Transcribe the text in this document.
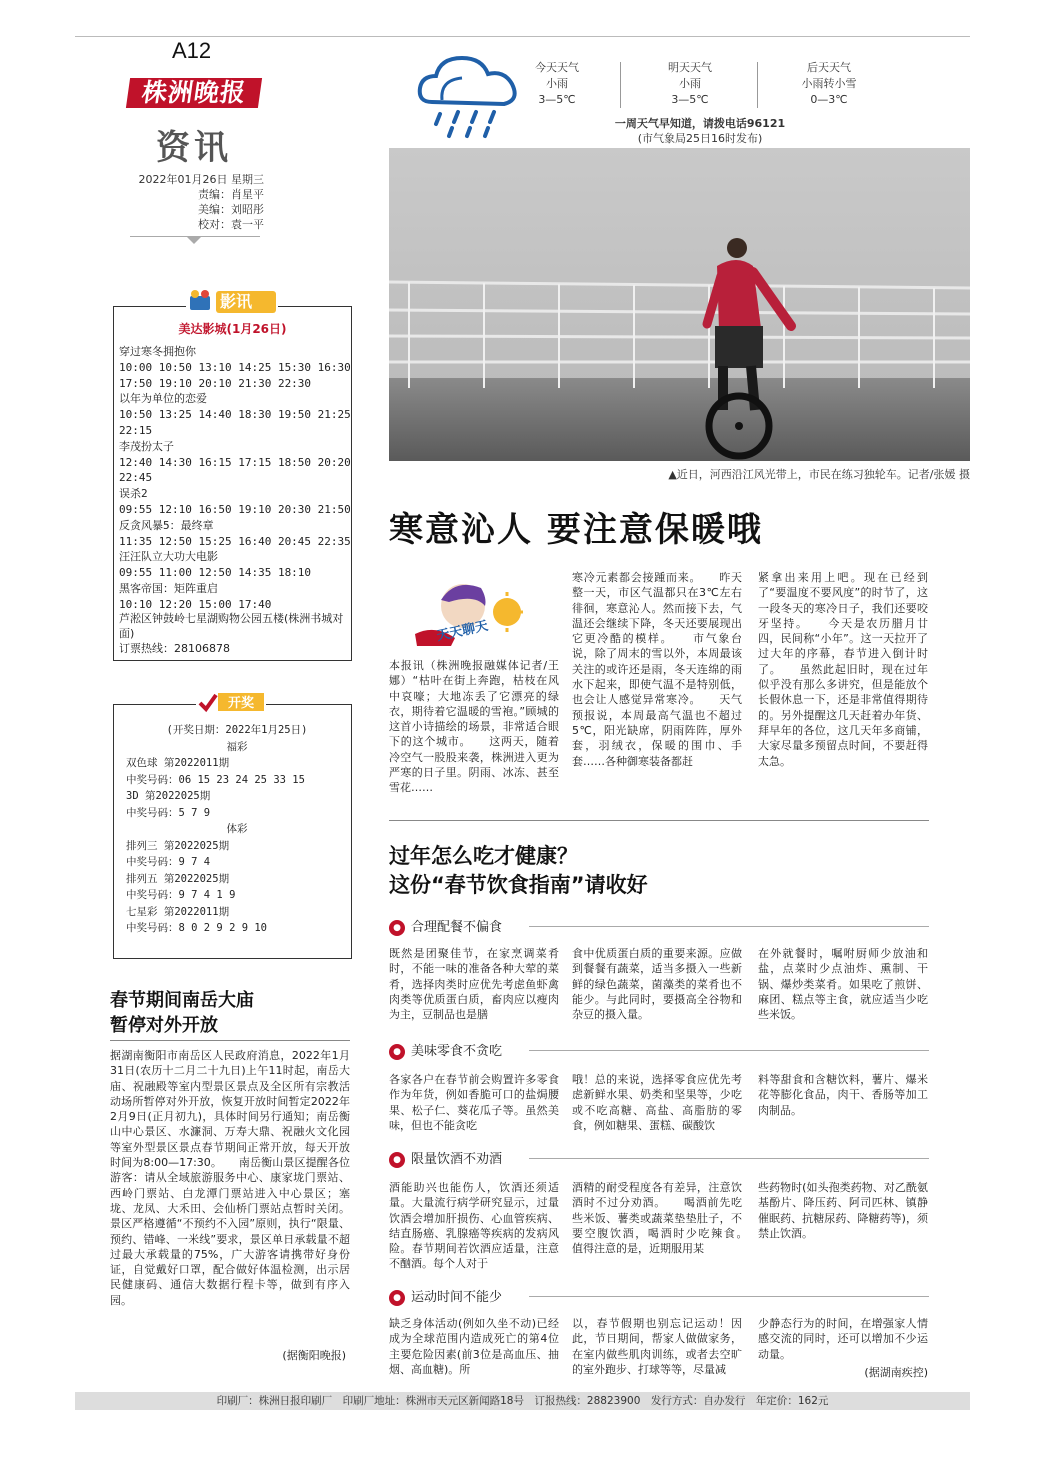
A12
株洲晚报
资讯
2022年01月26日 星期三
责编：肖星平
美编：刘昭彤
校对：袁一平
今天天气
小雨
3—5℃
明天天气
小雨
3—5℃
后天天气
小雨转小雪
0—3℃
一周天气早知道，请拨电话96121
(市气象局25日16时发布)
▲近日，河西沿江风光带上，市民在练习独轮车。记者/张媛 摄
寒意沁人 要注意保暖哦
天天聊天
本报讯（株洲晚报融媒体记者/王娜）“枯叶在街上奔跑，枯枝在风中哀嚎；大地冻丢了它漂亮的绿衣，期待着它温暖的雪袍。”顾城的这首小诗描绘的场景，非常适合眼下的这个城市。　　这两天，随着冷空气一股股来袭，株洲进入更为严寒的日子里。阴雨、冰冻、甚至雪花……
寒冷元素都会接踵而来。　　昨天整一天，市区气温都只在3℃左右徘徊，寒意沁人。然而接下去，气温还会继续下降，冬天还要展现出它更冷酷的模样。　　市气象台说，除了周末的雪以外，本周最该关注的或许还是雨，冬天连绵的雨水下起来，即使气温不是特别低，也会让人感觉异常寒冷。　　天气预报说，本周最高气温也不超过5℃，阳光缺席，阴雨阵阵，厚外套，羽绒衣，保暖的围巾、手套……各种御寒装备都赶
紧拿出来用上吧。现在已经到了“要温度不要风度”的时节了，这一段冬天的寒冷日子，我们还要咬牙坚持。　　今天是农历腊月廿四，民间称“小年”。这一天拉开了过大年的序幕，春节进入倒计时了。　　虽然此起旧时，现在过年似乎没有那么多讲究，但是能放个长假休息一下，还是非常值得期待的。另外提醒这几天赶着办年货、拜早年的各位，这几天年多商铺，大家尽量多预留点时间，不要赶得太急。
影讯
美达影城(1月26日)
穿过寒冬拥抱你
10:00 10:50 13:10 14:25 15:30 16:30 17:50 19:10 20:10 21:30 22:30
以年为单位的恋爱
10:50 13:25 14:40 18:30 19:50 21:25 22:15
李茂扮太子
12:40 14:30 16:15 17:15 18:50 20:20 22:45
误杀2
09:55 12:10 16:50 19:10 20:30 21:50
反贪风暴5：最终章
11:35 12:50 15:25 16:40 20:45 22:35
汪汪队立大功大电影
09:55 11:00 12:50 14:35 18:10
黑客帝国：矩阵重启
10:10 12:20 15:00 17:40
芦淞区钟鼓岭七星湖购物公园五楼(株洲书城对面)
订票热线：28106878
开奖
(开奖日期：2022年1月25日)
福彩
双色球 第2022011期
中奖号码：06 15 23 24 25 33 15
3D 第2022025期
中奖号码：5 7 9
体彩
排列三 第2022025期
中奖号码：9 7 4
排列五 第2022025期
中奖号码：9 7 4 1 9
七星彩 第2022011期
中奖号码：8 0 2 9 2 9 10
春节期间南岳大庙
暂停对外开放
据湖南衡阳市南岳区人民政府消息，2022年1月31日(农历十二月二十九日)上午11时起，南岳大庙、祝融殿等室内型景区景点及全区所有宗教活动场所暂停对外开放，恢复开放时间暂定2022年2月9日(正月初九)，具体时间另行通知；南岳衡山中心景区、水濂洞、万寿大鼎、祝融火文化园等室外型景区景点春节期间正常开放，每天开放时间为8:00—17:30。　　南岳衡山景区提醒各位游客：请从全域旅游服务中心、康家垅门票站、西岭门票站、白龙潭门票站进入中心景区；塞垅、龙凤、大禾田、会仙桥门票站点暂时关闭。景区严格遵循“不预约不入园”原则，执行“限量、预约、错峰、一米线”要求，景区单日承载量不超过最大承载量的75%，广大游客请携带好身份证，自觉戴好口罩，配合做好体温检测，出示居民健康码、通信大数据行程卡等，做到有序入园。
(据衡阳晚报)
过年怎么吃才健康？
这份“春节饮食指南”请收好
● 合理配餐不偏食
既然是团聚佳节，在家烹调菜肴时，不能一味的准备各种大荤的菜肴，选择肉类时应优先考虑鱼虾禽肉类等优质蛋白质，畜肉应以瘦肉为主，豆制品也是膳
食中优质蛋白质的重要来源。应做到餐餐有蔬菜，适当多摄入一些新鲜的绿色蔬菜，菌藻类的菜肴也不能少。与此同时，要摄高全谷物和杂豆的摄入量。
在外就餐时，嘱咐厨师少放油和盐，点菜时少点油炸、熏制、干锅、爆炒类菜肴。如果吃了煎饼、麻团、糕点等主食，就应适当少吃些米饭。
● 美味零食不贪吃
各家各户在春节前会购置许多零食作为年货，例如香脆可口的盐焗腰果、松子仁、葵花瓜子等。虽然美味，但也不能贪吃
哦！总的来说，选择零食应优先考虑新鲜水果、奶类和坚果等，少吃或不吃高糖、高盐、高脂肪的零食，例如糖果、蛋糕、碳酸饮
料等甜食和含糖饮料，薯片、爆米花等膨化食品，肉干、香肠等加工肉制品。
● 限量饮酒不劝酒
酒能助兴也能伤人，饮酒还须适量。大量流行病学研究显示，过量饮酒会增加肝损伤、心血管疾病、结直肠癌、乳腺癌等疾病的发病风险。春节期间若饮酒应适量，注意不酗酒。每个人对于
酒精的耐受程度各有差异，注意饮酒时不过分劝酒。　　喝酒前先吃些米饭、薯类或蔬菜垫垫肚子，不要空腹饮酒，喝酒时少吃辣食。　　值得注意的是，近期服用某
些药物时(如头孢类药物、对乙酰氨基酚片、降压药、阿司匹林、镇静催眠药、抗糖尿药、降糖药等)，须禁止饮酒。
● 运动时间不能少
缺乏身体活动(例如久坐不动)已经成为全球范围内造成死亡的第4位主要危险因素(前3位是高血压、抽烟、高血糖)。所
以，春节假期也别忘记运动！因此，节日期间，帮家人做做家务，在室内做些肌肉训练，或者去空旷的室外跑步、打球等等，尽量减
少静态行为的时间，在增强家人情感交流的同时，还可以增加不少运动量。
(据湖南疾控)
印刷厂：株洲日报印刷厂　印刷厂地址：株洲市天元区新闻路18号　订报热线：28823900　发行方式：自办发行　年定价：162元
